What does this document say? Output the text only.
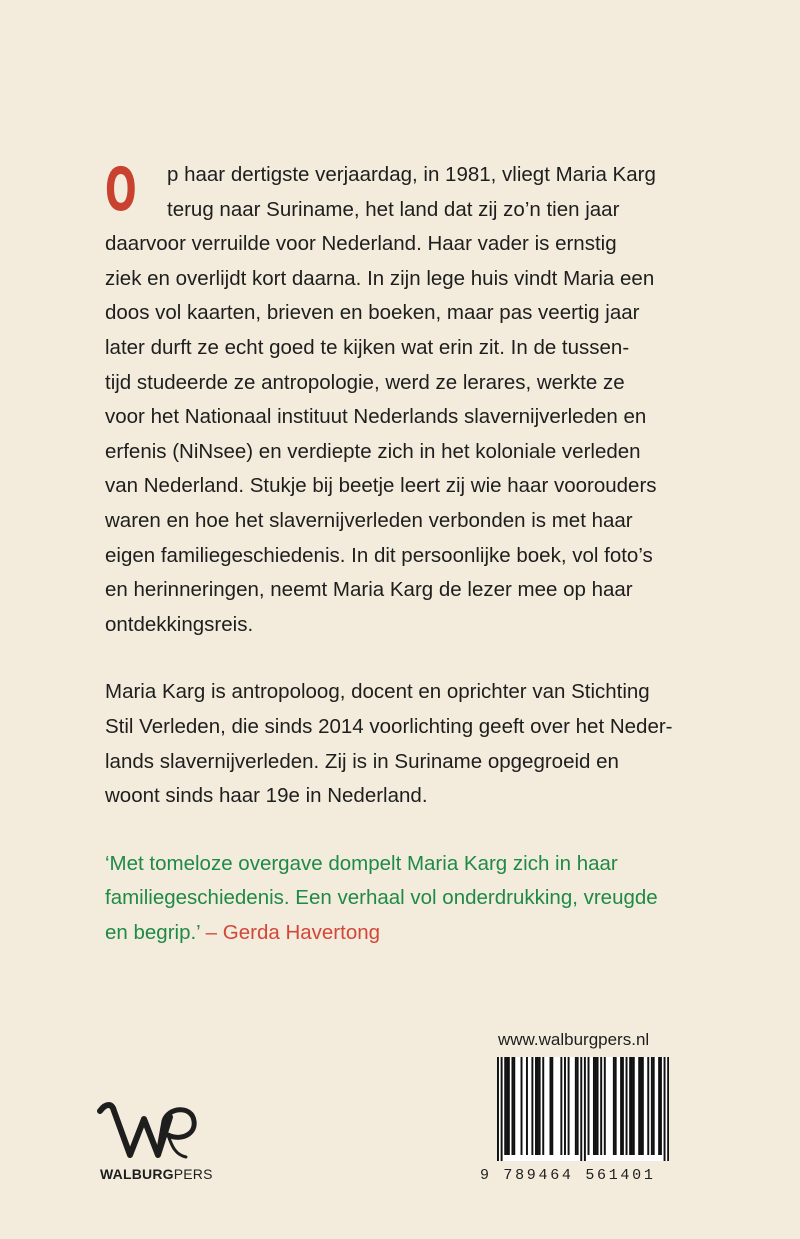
O	p haar dertigste verjaardag, in 1981, vliegt Maria Karg
terug naar Suriname, het land dat zij zo’n tien jaar
daarvoor verruilde voor Nederland. Haar vader is ernstig
ziek en overlijdt kort daarna. In zijn lege huis vindt Maria een
doos vol kaarten, brieven en boeken, maar pas veertig jaar
later durft ze echt goed te kijken wat erin zit. In de tussen-
tijd studeerde ze antropologie, werd ze lerares, werkte ze
voor het Nationaal instituut Nederlands slavernijverleden en
erfenis (NiNsee) en verdiepte zich in het koloniale verleden
van Nederland. Stukje bij beetje leert zij wie haar voorouders
waren en hoe het slavernijverleden verbonden is met haar
eigen familiegeschiedenis. In dit persoonlijke boek, vol foto’s
en herinneringen, neemt Maria Karg de lezer mee op haar
ontdekkingsreis.

Maria Karg is antropoloog, docent en oprichter van Stichting
Stil Verleden, die sinds 2014 voorlichting geeft over het Neder-
lands slavernijverleden. Zij is in Suriname opgegroeid en
woont sinds haar 19e in Nederland.

‘Met tomeloze overgave dompelt Maria Karg zich in haar
familiegeschiedenis. Een verhaal vol onderdrukking, vreugde
en begrip.’ – Gerda Havertong

www.walburgpers.nl
9 789464 561401
WALBURGPERS
